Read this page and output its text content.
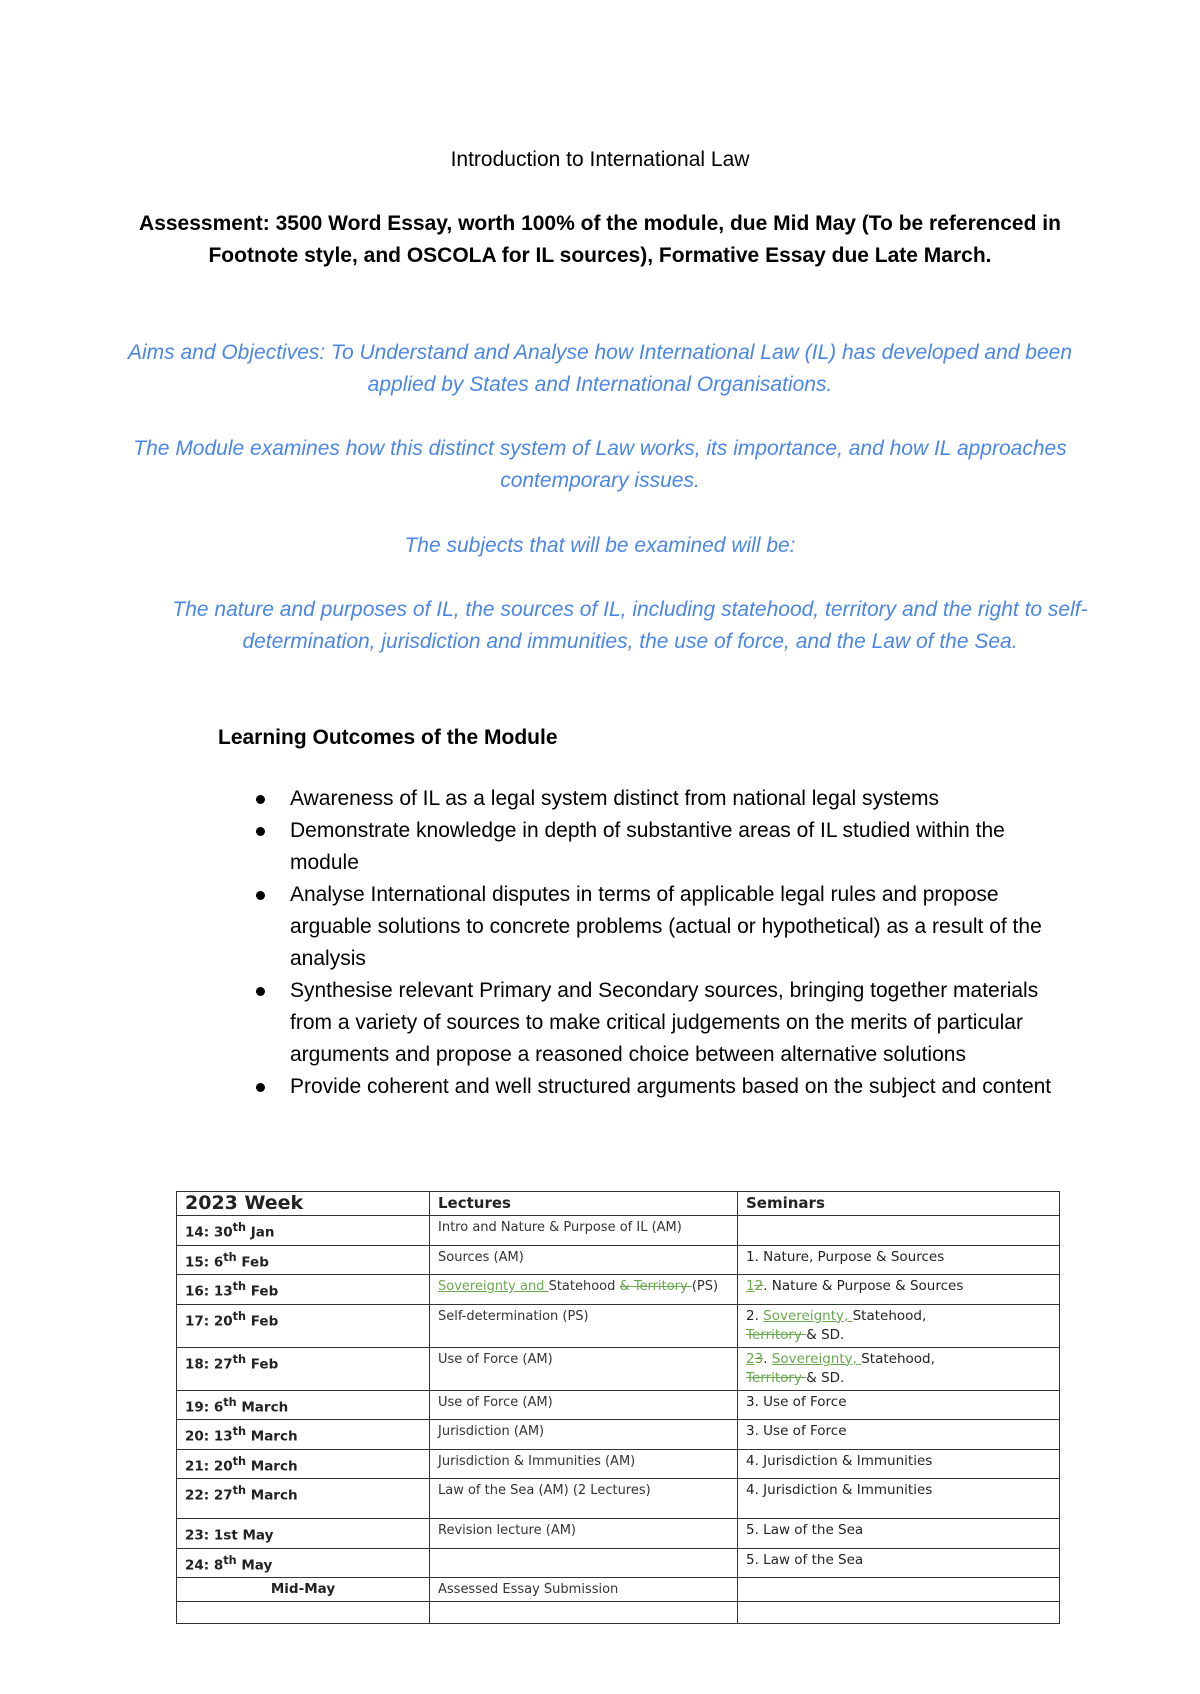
Introduction to International Law
Assessment: 3500 Word Essay, worth 100% of the module, due Mid May (To be referenced in Footnote style, and OSCOLA for IL sources), Formative Essay due Late March.
Aims and Objectives: To Understand and Analyse how International Law (IL) has developed and been applied by States and International Organisations.
The Module examines how this distinct system of Law works, its importance, and how IL approaches contemporary issues.
The subjects that will be examined will be:
The nature and purposes of IL, the sources of IL, including statehood, territory and the right to self-determination, jurisdiction and immunities, the use of force, and the Law of the Sea.
Learning Outcomes of the Module
Awareness of IL as a legal system distinct from national legal systems
Demonstrate knowledge in depth of substantive areas of IL studied within the module
Analyse International disputes in terms of applicable legal rules and propose arguable solutions to concrete problems (actual or hypothetical) as a result of the analysis
Synthesise relevant Primary and Secondary sources, bringing together materials from a variety of sources to make critical judgements on the merits of particular arguments and propose a reasoned choice between alternative solutions
Provide coherent and well structured arguments based on the subject and content
2023 Week	Lectures	Seminars
14: 30th Jan	Intro and Nature & Purpose of IL (AM)	
15: 6th Feb	Sources (AM)	1. Nature, Purpose & Sources
16: 13th Feb	Sovereignty and Statehood & Territory (PS)	12. Nature & Purpose & Sources
17: 20th Feb	Self-determination (PS)	2. Sovereignty, Statehood,
Territory & SD.
18: 27th Feb	Use of Force (AM)	23. Sovereignty, Statehood,
Territory & SD.
19: 6th March	Use of Force (AM)	3. Use of Force
20: 13th March	Jurisdiction (AM)	3. Use of Force
21: 20th March	Jurisdiction & Immunities (AM)	4. Jurisdiction & Immunities
22: 27th March	Law of the Sea (AM) (2 Lectures)	4. Jurisdiction & Immunities
23: 1st May	Revision lecture (AM)	5. Law of the Sea
24: 8th May		5. Law of the Sea
Mid-May	Assessed Essay Submission	
